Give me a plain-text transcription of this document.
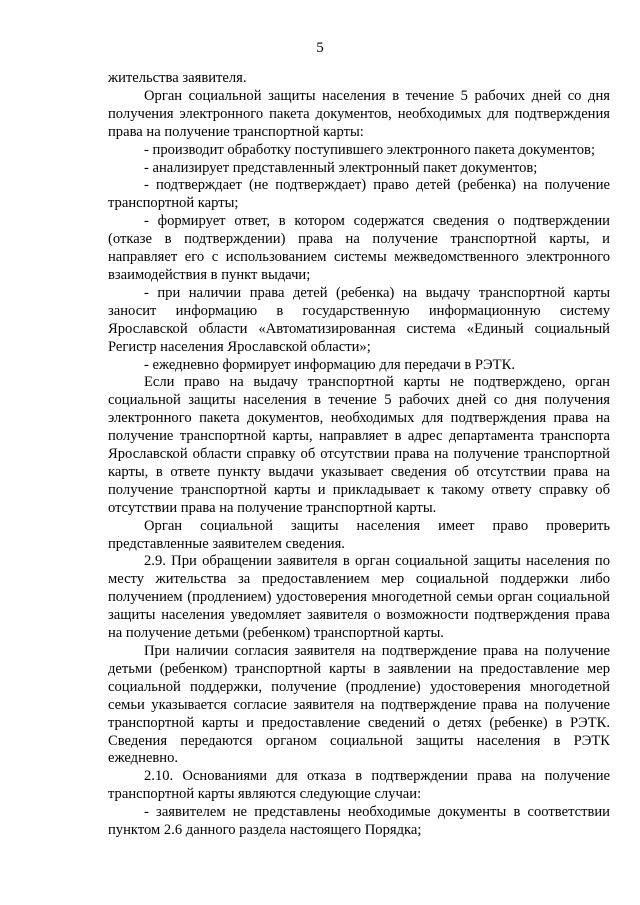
5

жительства заявителя.

Орган социальной защиты населения в течение 5 рабочих дней со дня получения электронного пакета документов, необходимых для подтверждения права на получение транспортной карты:

- производит обработку поступившего электронного пакета документов;

- анализирует представленный электронный пакет документов;

- подтверждает (не подтверждает) право детей (ребенка) на получение транспортной карты;

- формирует ответ, в котором содержатся сведения о подтверждении (отказе в подтверждении) права на получение транспортной карты, и направляет его с использованием системы межведомственного электронного взаимодействия в пункт выдачи;

- при наличии права детей (ребенка) на выдачу транспортной карты заносит информацию в государственную информационную систему Ярославской области «Автоматизированная система «Единый социальный Регистр населения Ярославской области»;

- ежедневно формирует информацию для передачи в РЭТК.

Если право на выдачу транспортной карты не подтверждено, орган социальной защиты населения в течение 5 рабочих дней со дня получения электронного пакета документов, необходимых для подтверждения права на получение транспортной карты, направляет в адрес департамента транспорта Ярославской области справку об отсутствии права на получение транспортной карты, в ответе пункту выдачи указывает сведения об отсутствии права на получение транспортной карты и прикладывает к такому ответу справку об отсутствии права на получение транспортной карты.

Орган социальной защиты населения имеет право проверить представленные заявителем сведения.

2.9. При обращении заявителя в орган социальной защиты населения по месту жительства за предоставлением мер социальной поддержки либо получением (продлением) удостоверения многодетной семьи орган социальной защиты населения уведомляет заявителя о возможности подтверждения права на получение детьми (ребенком) транспортной карты.

При наличии согласия заявителя на подтверждение права на получение детьми (ребенком) транспортной карты в заявлении на предоставление мер социальной поддержки, получение (продление) удостоверения многодетной семьи указывается согласие заявителя на подтверждение права на получение транспортной карты и предоставление сведений о детях (ребенке) в РЭТК. Сведения передаются органом социальной защиты населения в РЭТК ежедневно.

2.10. Основаниями для отказа в подтверждении права на получение транспортной карты являются следующие случаи:

- заявителем не представлены необходимые документы в соответствии пунктом 2.6 данного раздела настоящего Порядка;
